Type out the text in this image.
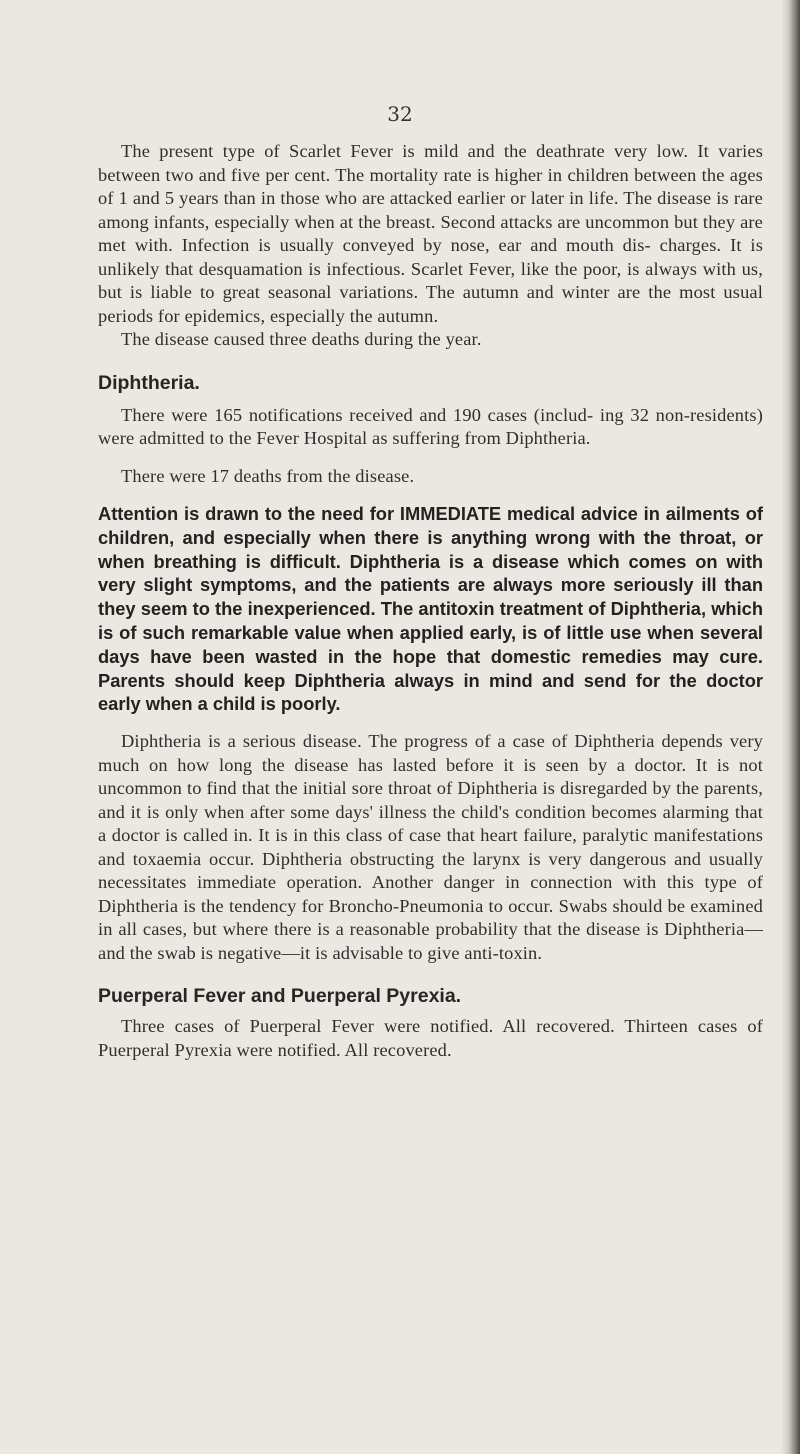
32

The present type of Scarlet Fever is mild and the deathrate very low. It varies between two and five per cent. The mortality rate is higher in children between the ages of 1 and 5 years than in those who are attacked earlier or later in life. The disease is rare among infants, especially when at the breast. Second attacks are uncommon but they are met with. Infection is usually conveyed by nose, ear and mouth dis- charges. It is unlikely that desquamation is infectious. Scarlet Fever, like the poor, is always with us, but is liable to great seasonal variations. The autumn and winter are the most usual periods for epidemics, especially the autumn.

The disease caused three deaths during the year.

Diphtheria.

There were 165 notifications received and 190 cases (includ- ing 32 non-residents) were admitted to the Fever Hospital as suffering from Diphtheria.

There were 17 deaths from the disease.

Attention is drawn to the need for IMMEDIATE medical advice in ailments of children, and especially when there is anything wrong with the throat, or when breathing is difficult. Diphtheria is a disease which comes on with very slight symptoms, and the patients are always more seriously ill than they seem to the inexperienced. The antitoxin treatment of Diphtheria, which is of such remarkable value when applied early, is of little use when several days have been wasted in the hope that domestic remedies may cure. Parents should keep Diphtheria always in mind and send for the doctor early when a child is poorly.

Diphtheria is a serious disease. The progress of a case of Diphtheria depends very much on how long the disease has lasted before it is seen by a doctor. It is not uncommon to find that the initial sore throat of Diphtheria is disregarded by the parents, and it is only when after some days' illness the child's condition becomes alarming that a doctor is called in. It is in this class of case that heart failure, paralytic manifestations and toxaemia occur. Diphtheria obstructing the larynx is very dangerous and usually necessitates immediate operation. Another danger in connection with this type of Diphtheria is the tendency for Broncho-Pneumonia to occur. Swabs should be examined in all cases, but where there is a reasonable probability that the disease is Diphtheria—and the swab is negative—it is advisable to give anti-toxin.

Puerperal Fever and Puerperal Pyrexia.

Three cases of Puerperal Fever were notified. All recovered. Thirteen cases of Puerperal Pyrexia were notified. All recovered.
